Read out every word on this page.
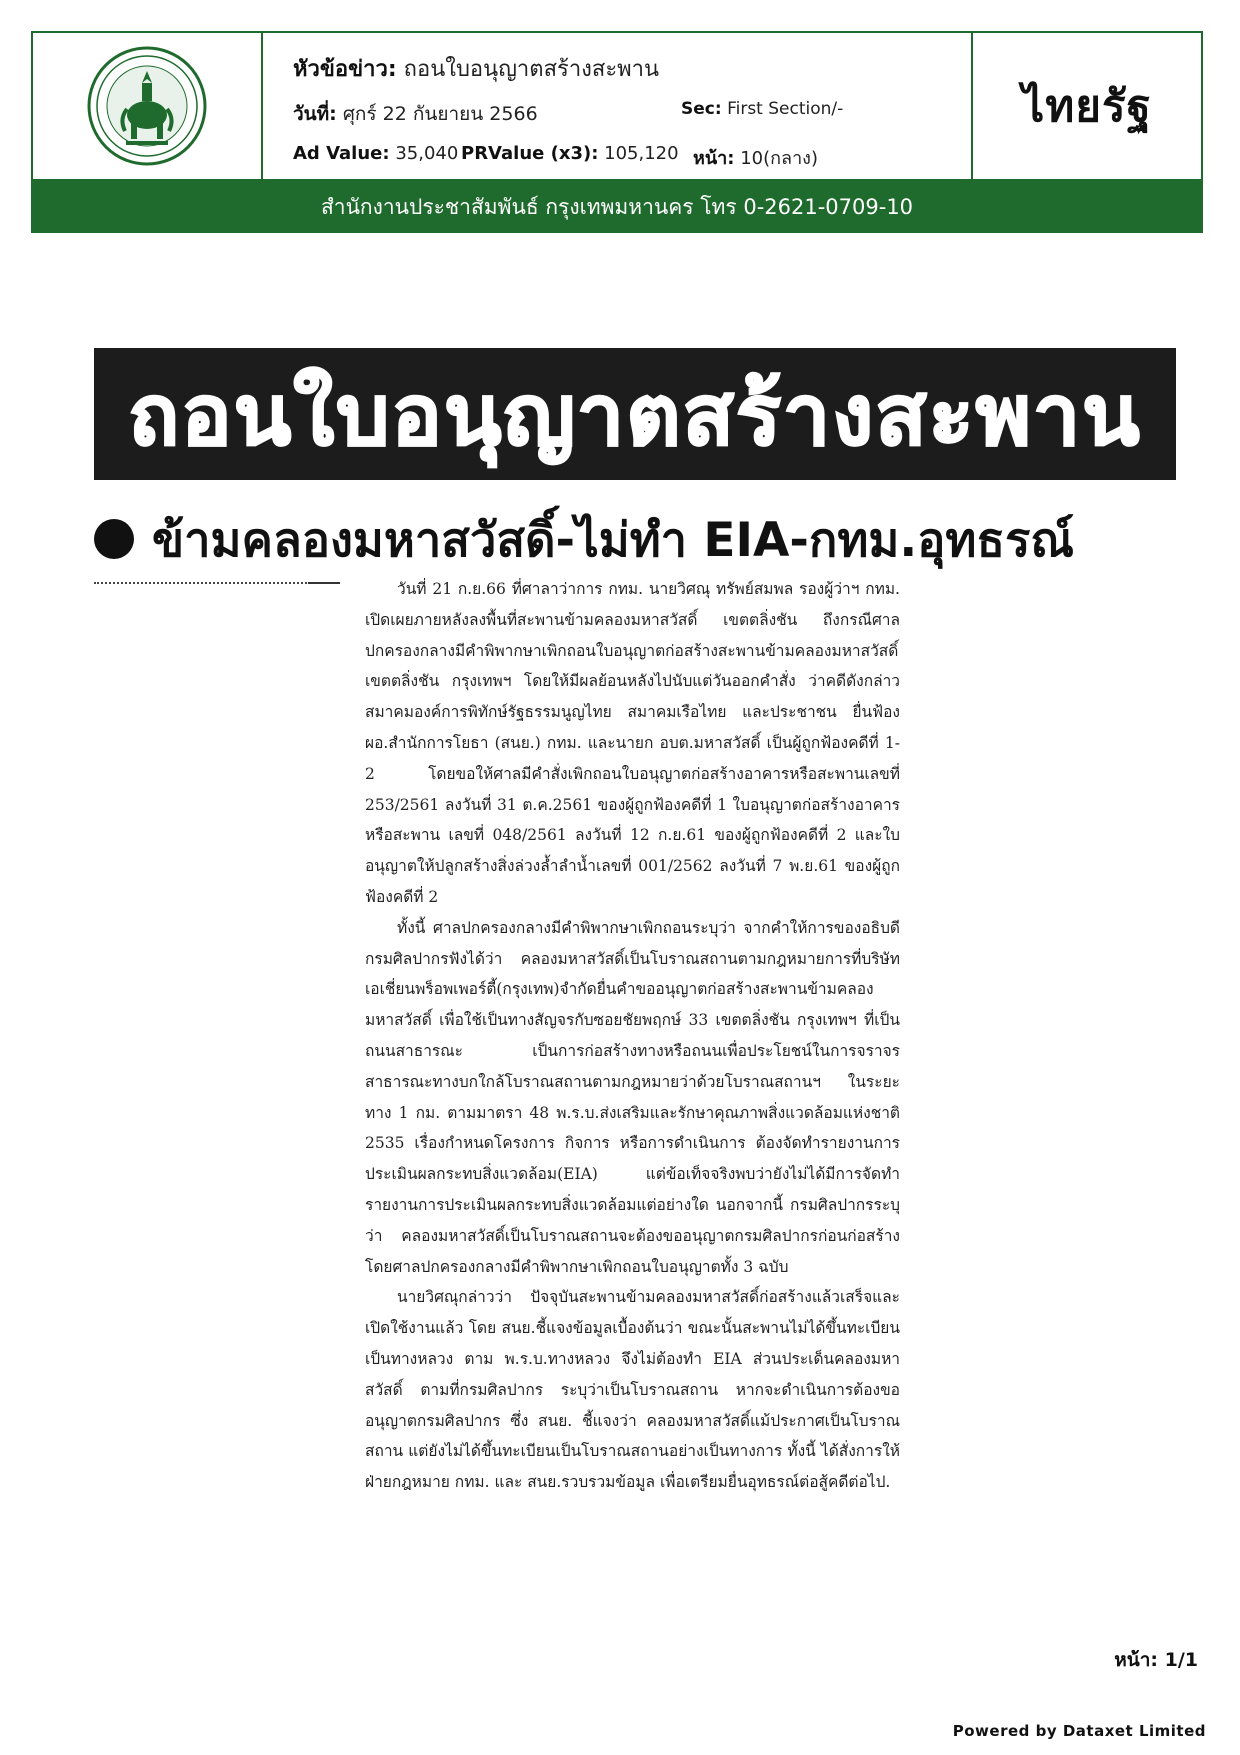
หัวข้อข่าว: ถอนใบอนุญาตสร้างสะพาน
วันที่: ศุกร์ 22 กันยายน 2566	Sec: First Section/-
Ad Value: 35,040 PRValue (x3): 105,120 หน้า: 10(กลาง)
ไทยรัฐ
สำนักงานประชาสัมพันธ์ กรุงเทพมหานคร โทร 0-2621-0709-10
ถอนใบอนุญาตสร้างสะพาน
ข้ามคลองมหาสวัสดิ์-ไม่ทำ EIA-กทม.อุทธรณ์

วันที่ 21 ก.ย.66 ที่ศาลาว่าการ กทม. นายวิศณุ ทรัพย์สมพล รองผู้ว่าฯ กทม. เปิดเผยภายหลังลงพื้นที่สะพานข้ามคลองมหาสวัสดิ์ เขตตลิ่งชัน ถึงกรณีศาลปกครองกลางมีคำพิพากษาเพิกถอนใบอนุญาตก่อสร้างสะพานข้ามคลองมหาสวัสดิ์ เขตตลิ่งชัน กรุงเทพฯ โดยให้มีผลย้อนหลังไปนับแต่วันออกคำสั่ง ว่าคดีดังกล่าวสมาคมองค์การพิทักษ์รัฐธรรมนูญไทย สมาคมเรือไทย และประชาชน ยื่นฟ้อง ผอ.สำนักการโยธา (สนย.) กทม. และนายก อบต.มหาสวัสดิ์ เป็นผู้ถูกฟ้องคดีที่ 1-2 โดยขอให้ศาลมีคำสั่งเพิกถอนใบอนุญาตก่อสร้างอาคารหรือสะพานเลขที่ 253/2561 ลงวันที่ 31 ต.ค.2561 ของผู้ถูกฟ้องคดีที่ 1 ใบอนุญาตก่อสร้างอาคารหรือสะพาน เลขที่ 048/2561 ลงวันที่ 12 ก.ย.61 ของผู้ถูกฟ้องคดีที่ 2 และใบอนุญาตให้ปลูกสร้างสิ่งล่วงล้ำลำน้ำเลขที่ 001/2562 ลงวันที่ 7 พ.ย.61 ของผู้ถูกฟ้องคดีที่ 2

ทั้งนี้ ศาลปกครองกลางมีคำพิพากษาเพิกถอนระบุว่า จากคำให้การของอธิบดีกรมศิลปากรฟังได้ว่า คลองมหาสวัสดิ์เป็นโบราณสถานตามกฎหมายการที่บริษัทเอเชี่ยนพร็อพเพอร์ตี้(กรุงเทพ)จำกัดยื่นคำขออนุญาตก่อสร้างสะพานข้ามคลองมหาสวัสดิ์ เพื่อใช้เป็นทางสัญจรกับซอยชัยพฤกษ์ 33 เขตตลิ่งชัน กรุงเทพฯ ที่เป็นถนนสาธารณะ เป็นการก่อสร้างทางหรือถนนเพื่อประโยชน์ในการจราจรสาธารณะทางบกใกล้โบราณสถานตามกฎหมายว่าด้วยโบราณสถานฯ ในระยะทาง 1 กม. ตามมาตรา 48 พ.ร.บ.ส่งเสริมและรักษาคุณภาพสิ่งแวดล้อมแห่งชาติ 2535 เรื่องกำหนดโครงการ กิจการ หรือการดำเนินการ ต้องจัดทำรายงานการประเมินผลกระทบสิ่งแวดล้อม(EIA) แต่ข้อเท็จจริงพบว่ายังไม่ได้มีการจัดทำรายงานการประเมินผลกระทบสิ่งแวดล้อมแต่อย่างใด นอกจากนี้ กรมศิลปากรระบุว่า คลองมหาสวัสดิ์เป็นโบราณสถานจะต้องขออนุญาตกรมศิลปากรก่อนก่อสร้าง โดยศาลปกครองกลางมีคำพิพากษาเพิกถอนใบอนุญาตทั้ง 3 ฉบับ

นายวิศณุกล่าวว่า ปัจจุบันสะพานข้ามคลองมหาสวัสดิ์ก่อสร้างแล้วเสร็จและเปิดใช้งานแล้ว โดย สนย.ชี้แจงข้อมูลเบื้องต้นว่า ขณะนั้นสะพานไม่ได้ขึ้นทะเบียนเป็นทางหลวง ตาม พ.ร.บ.ทางหลวง จึงไม่ต้องทำ EIA ส่วนประเด็นคลองมหาสวัสดิ์ ตามที่กรมศิลปากร ระบุว่าเป็นโบราณสถาน หากจะดำเนินการต้องขออนุญาตกรมศิลปากร ซึ่ง สนย. ชี้แจงว่า คลองมหาสวัสดิ์แม้ประกาศเป็นโบราณสถาน แต่ยังไม่ได้ขึ้นทะเบียนเป็นโบราณสถานอย่างเป็นทางการ ทั้งนี้ ได้สั่งการให้ฝ่ายกฎหมาย กทม. และ สนย.รวบรวมข้อมูล เพื่อเตรียมยื่นอุทธรณ์ต่อสู้คดีต่อไป.

หน้า: 1/1
Powered by Dataxet Limited
